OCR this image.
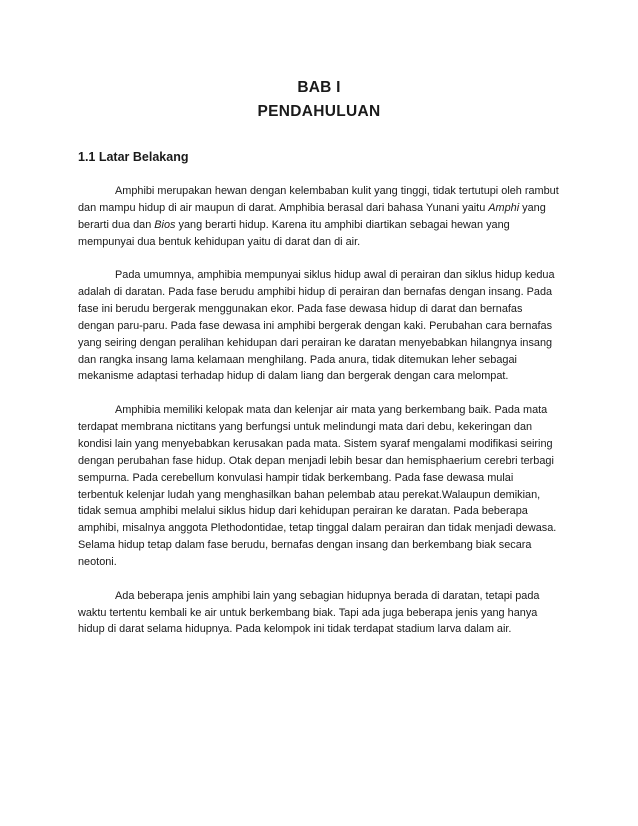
BAB I
PENDAHULUAN
1.1 Latar Belakang

Amphibi merupakan hewan dengan kelembaban kulit yang tinggi, tidak tertutupi oleh rambut dan mampu hidup di air maupun di darat. Amphibia berasal dari bahasa Yunani yaitu Amphi yang berarti dua dan Bios yang berarti hidup. Karena itu amphibi diartikan sebagai hewan yang mempunyai dua bentuk kehidupan yaitu di darat dan di air.

Pada umumnya, amphibia mempunyai siklus hidup awal di perairan dan siklus hidup kedua adalah di daratan. Pada fase berudu amphibi hidup di perairan dan bernafas dengan insang. Pada fase ini berudu bergerak menggunakan ekor. Pada fase dewasa hidup di darat dan bernafas dengan paru-paru. Pada fase dewasa ini amphibi bergerak dengan kaki. Perubahan cara bernafas yang seiring dengan peralihan kehidupan dari perairan ke daratan menyebabkan hilangnya insang dan rangka insang lama kelamaan menghilang. Pada anura, tidak ditemukan leher sebagai mekanisme adaptasi terhadap hidup di dalam liang dan bergerak dengan cara melompat.

Amphibia memiliki kelopak mata dan kelenjar air mata yang berkembang baik. Pada mata terdapat membrana nictitans yang berfungsi untuk melindungi mata dari debu, kekeringan dan kondisi lain yang menyebabkan kerusakan pada mata. Sistem syaraf mengalami modifikasi seiring dengan perubahan fase hidup. Otak depan menjadi lebih besar dan hemisphaerium cerebri terbagi sempurna. Pada cerebellum konvulasi hampir tidak berkembang. Pada fase dewasa mulai terbentuk kelenjar ludah yang menghasilkan bahan pelembab atau perekat.Walaupun demikian, tidak semua amphibi melalui siklus hidup dari kehidupan perairan ke daratan. Pada beberapa amphibi, misalnya anggota Plethodontidae, tetap tinggal dalam perairan dan tidak menjadi dewasa. Selama hidup tetap dalam fase berudu, bernafas dengan insang dan berkembang biak secara neotoni.

Ada beberapa jenis amphibi lain yang sebagian hidupnya berada di daratan, tetapi pada waktu tertentu kembali ke air untuk berkembang biak. Tapi ada juga beberapa jenis yang hanya hidup di darat selama hidupnya. Pada kelompok ini tidak terdapat stadium larva dalam air.
